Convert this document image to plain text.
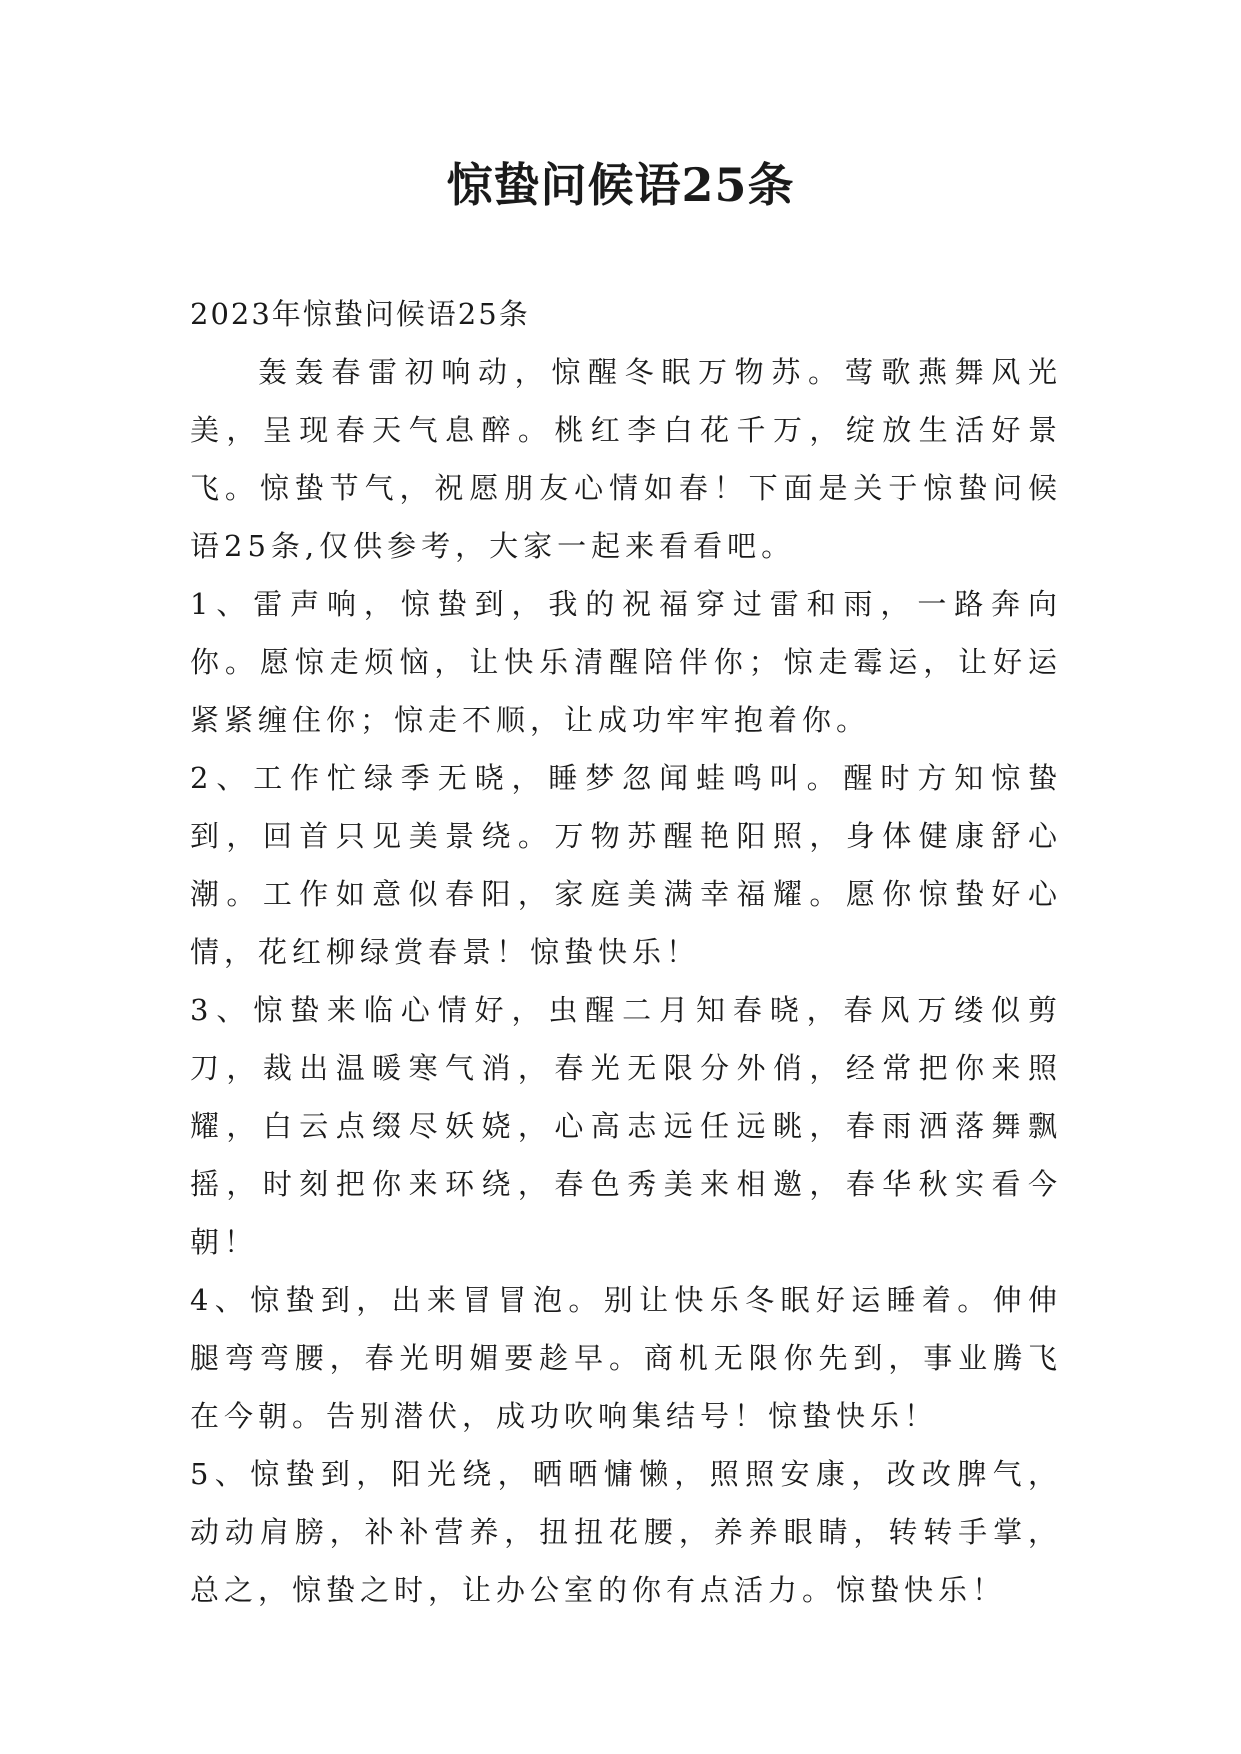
惊蛰问候语25条
2023年惊蛰问候语25条

轰轰春雷初响动，惊醒冬眠万物苏。莺歌燕舞风光美，呈现春天气息醉。桃红李白花千万，绽放生活好景飞。惊蛰节气，祝愿朋友心情如春！下面是关于惊蛰问候语25条,仅供参考，大家一起来看看吧。

1、雷声响，惊蛰到，我的祝福穿过雷和雨，一路奔向你。愿惊走烦恼，让快乐清醒陪伴你；惊走霉运，让好运紧紧缠住你；惊走不顺，让成功牢牢抱着你。

2、工作忙绿季无晓，睡梦忽闻蛙鸣叫。醒时方知惊蛰到，回首只见美景绕。万物苏醒艳阳照，身体健康舒心潮。工作如意似春阳，家庭美满幸福耀。愿你惊蛰好心情，花红柳绿赏春景！惊蛰快乐！

3、惊蛰来临心情好，虫醒二月知春晓，春风万缕似剪刀，裁出温暖寒气消，春光无限分外俏，经常把你来照耀，白云点缀尽妖娆，心高志远任远眺，春雨洒落舞飘摇，时刻把你来环绕，春色秀美来相邀，春华秋实看今朝！

4、惊蛰到，出来冒冒泡。别让快乐冬眠好运睡着。伸伸腿弯弯腰，春光明媚要趁早。商机无限你先到，事业腾飞在今朝。告别潜伏，成功吹响集结号！惊蛰快乐！

5、惊蛰到，阳光绕，晒晒慵懒，照照安康，改改脾气，动动肩膀，补补营养，扭扭花腰，养养眼睛，转转手掌，总之，惊蛰之时，让办公室的你有点活力。惊蛰快乐！
